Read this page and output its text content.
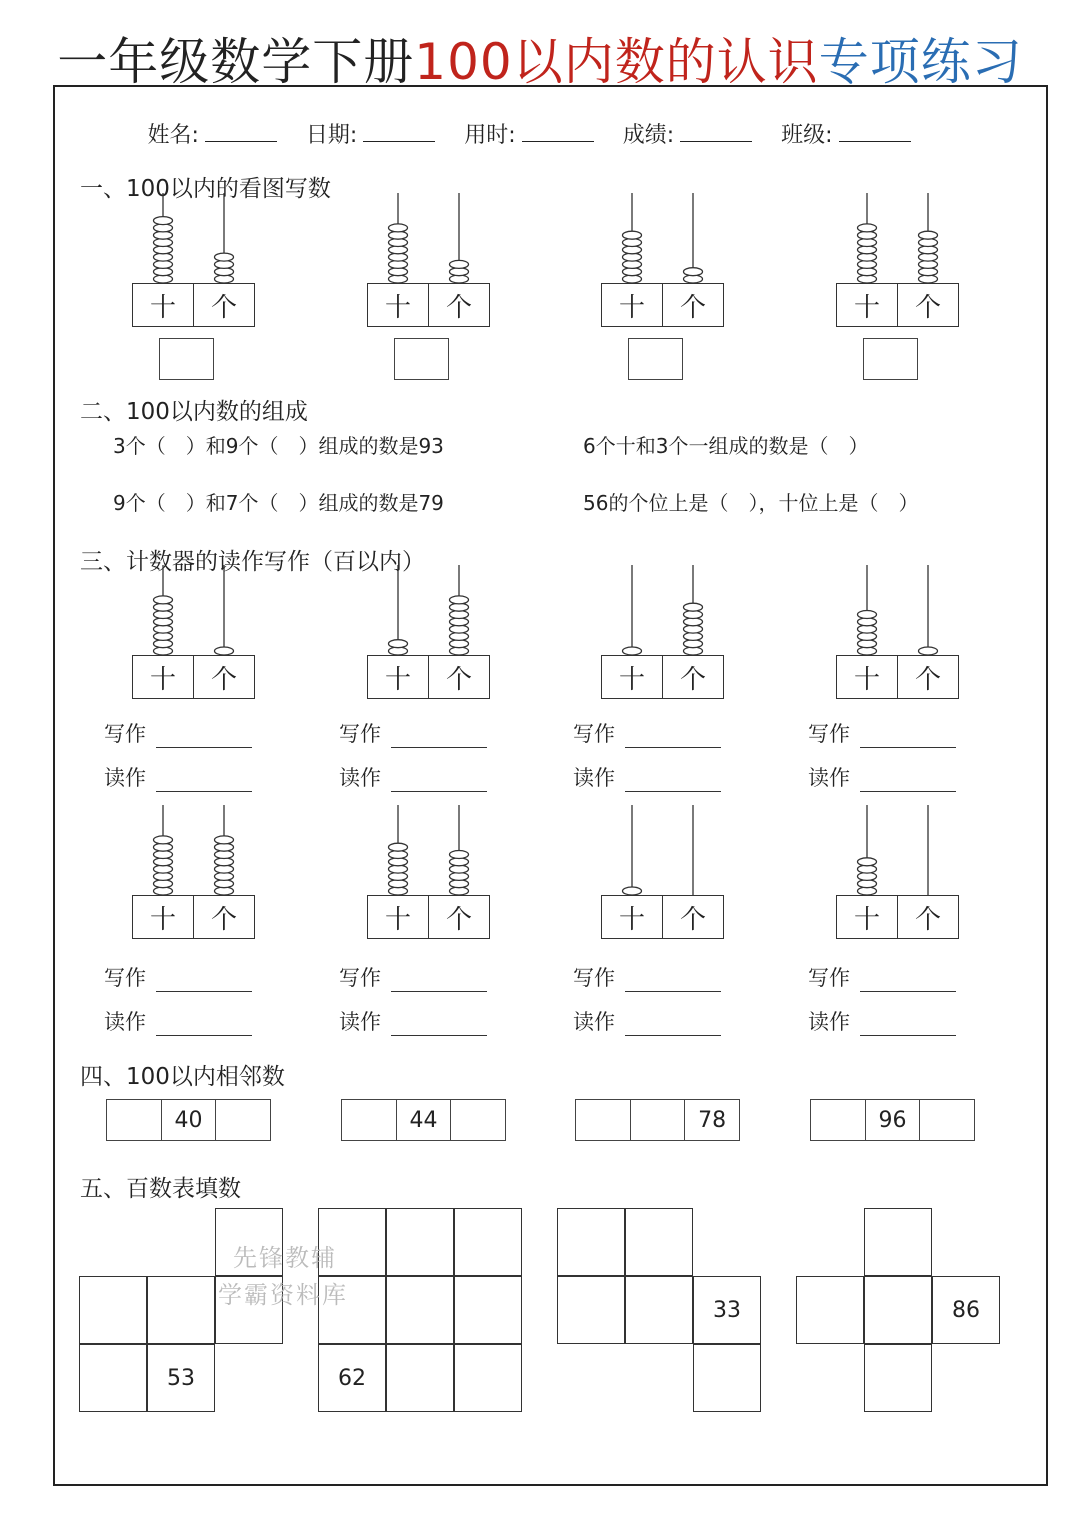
一年级数学下册100以内数的认识专项练习
姓名:	日期:	用时:	成绩:	班级:
一、100以内的看图写数
十	个	十	个	十	个	十	个
二、100以内数的组成
3个（　）和9个（　）组成的数是93	6个十和3个一组成的数是（　）
9个（　）和7个（　）组成的数是79	56的个位上是（　），十位上是（　）
三、计数器的读作写作（百以内）
十	个
写作
读作
十	个
写作
读作
十	个
写作
读作
十	个
写作
读作
十	个
写作
读作
十	个
写作
读作
十	个
写作
读作
十	个
写作
读作
四、100以内相邻数
40	44	78	96
五、百数表填数
53	62
33	86
先锋教辅
学霸资料库
